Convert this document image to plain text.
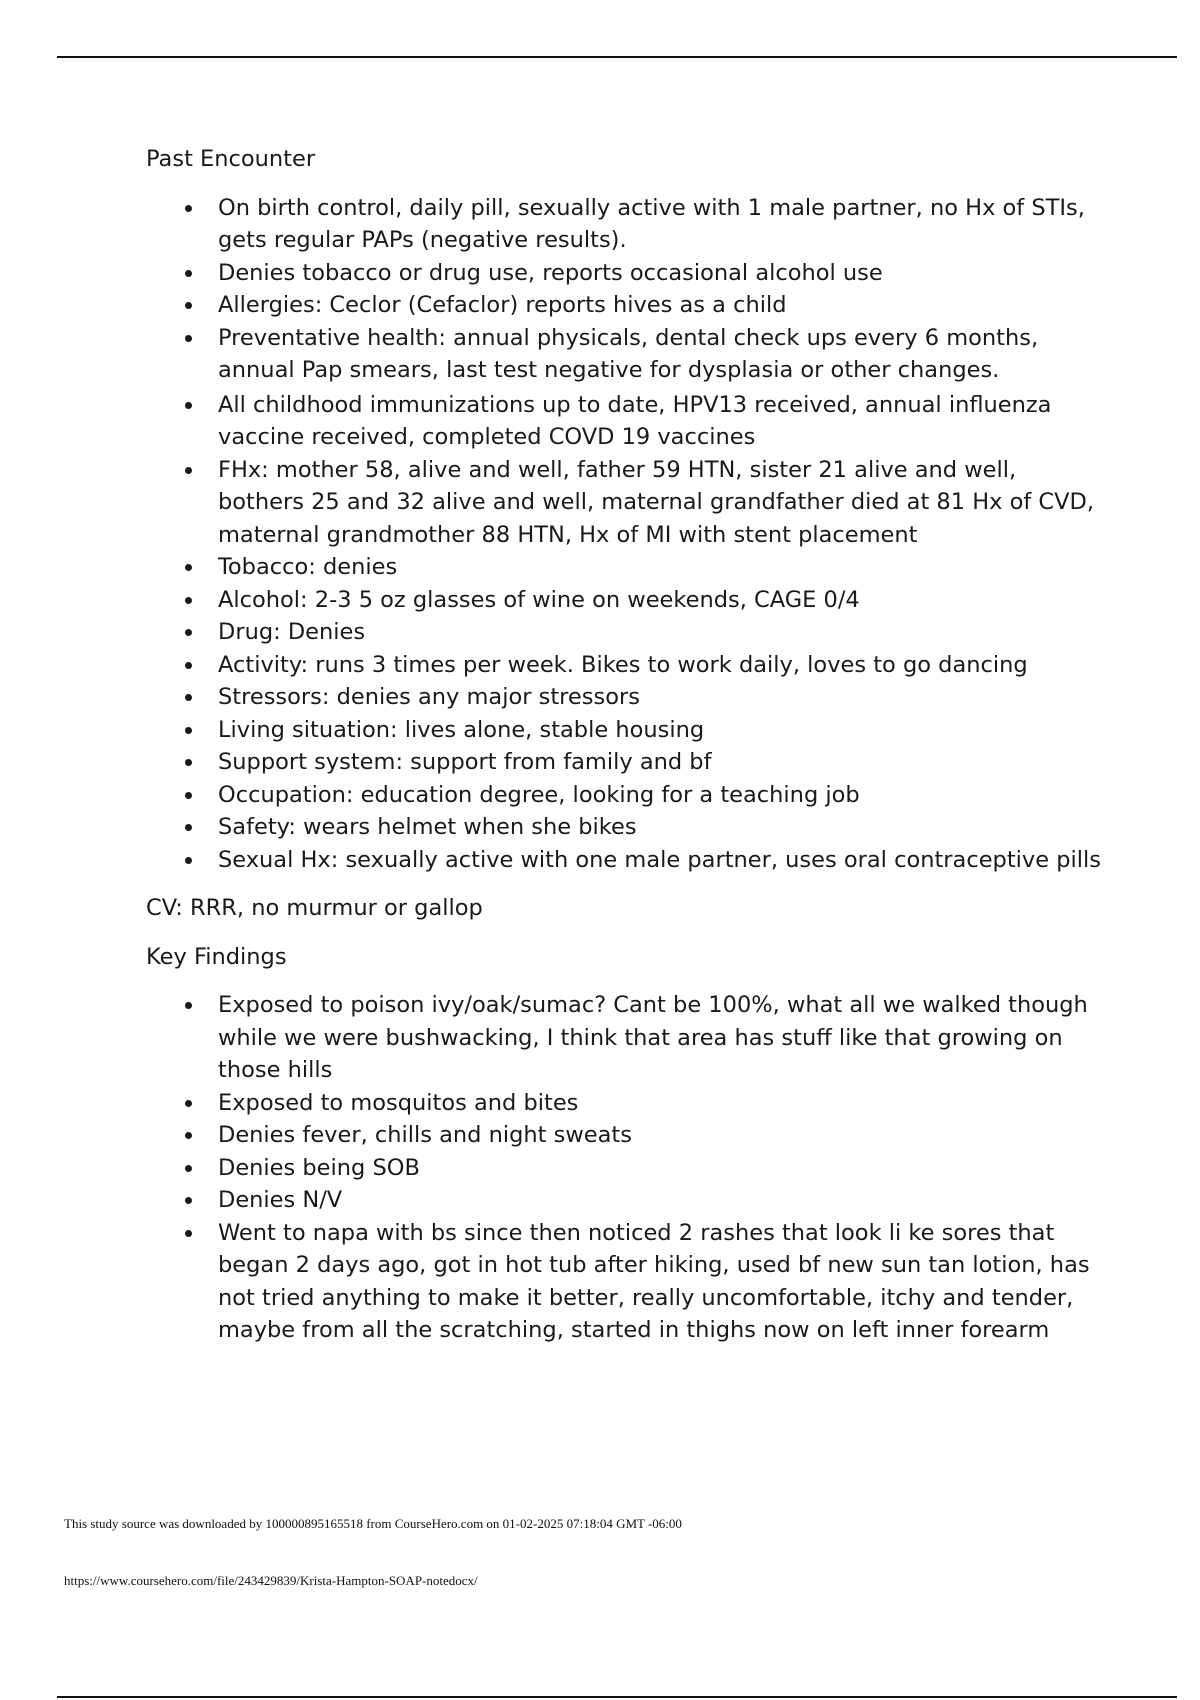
Past Encounter

On birth control, daily pill, sexually active with 1 male partner, no Hx of STIs, gets regular PAPs (negative results).
Denies tobacco or drug use, reports occasional alcohol use
Allergies: Ceclor (Cefaclor) reports hives as a child
Preventative health: annual physicals, dental check ups every 6 months, annual Pap smears, last test negative for dysplasia or other changes.
All childhood immunizations up to date, HPV13 received, annual influenza vaccine received, completed COVD 19 vaccines
FHx: mother 58, alive and well, father 59 HTN, sister 21 alive and well, bothers 25 and 32 alive and well, maternal grandfather died at 81 Hx of CVD, maternal grandmother 88 HTN, Hx of MI with stent placement
Tobacco: denies
Alcohol: 2-3 5 oz glasses of wine on weekends, CAGE 0/4
Drug: Denies
Activity: runs 3 times per week. Bikes to work daily, loves to go dancing
Stressors: denies any major stressors
Living situation: lives alone, stable housing
Support system: support from family and bf
Occupation: education degree, looking for a teaching job
Safety: wears helmet when she bikes
Sexual Hx: sexually active with one male partner, uses oral contraceptive pills

CV: RRR, no murmur or gallop

Key Findings

Exposed to poison ivy/oak/sumac? Cant be 100%, what all we walked though while we were bushwacking, I think that area has stuff like that growing on those hills
Exposed to mosquitos and bites
Denies fever, chills and night sweats
Denies being SOB
Denies N/V
Went to napa with bs since then noticed 2 rashes that look li ke sores that began 2 days ago, got in hot tub after hiking, used bf new sun tan lotion, has not tried anything to make it better, really uncomfortable, itchy and tender, maybe from all the scratching, started in thighs now on left inner forearm
This study source was downloaded by 100000895165518 from CourseHero.com on 01-02-2025 07:18:04 GMT -06:00
https://www.coursehero.com/file/243429839/Krista-Hampton-SOAP-notedocx/
